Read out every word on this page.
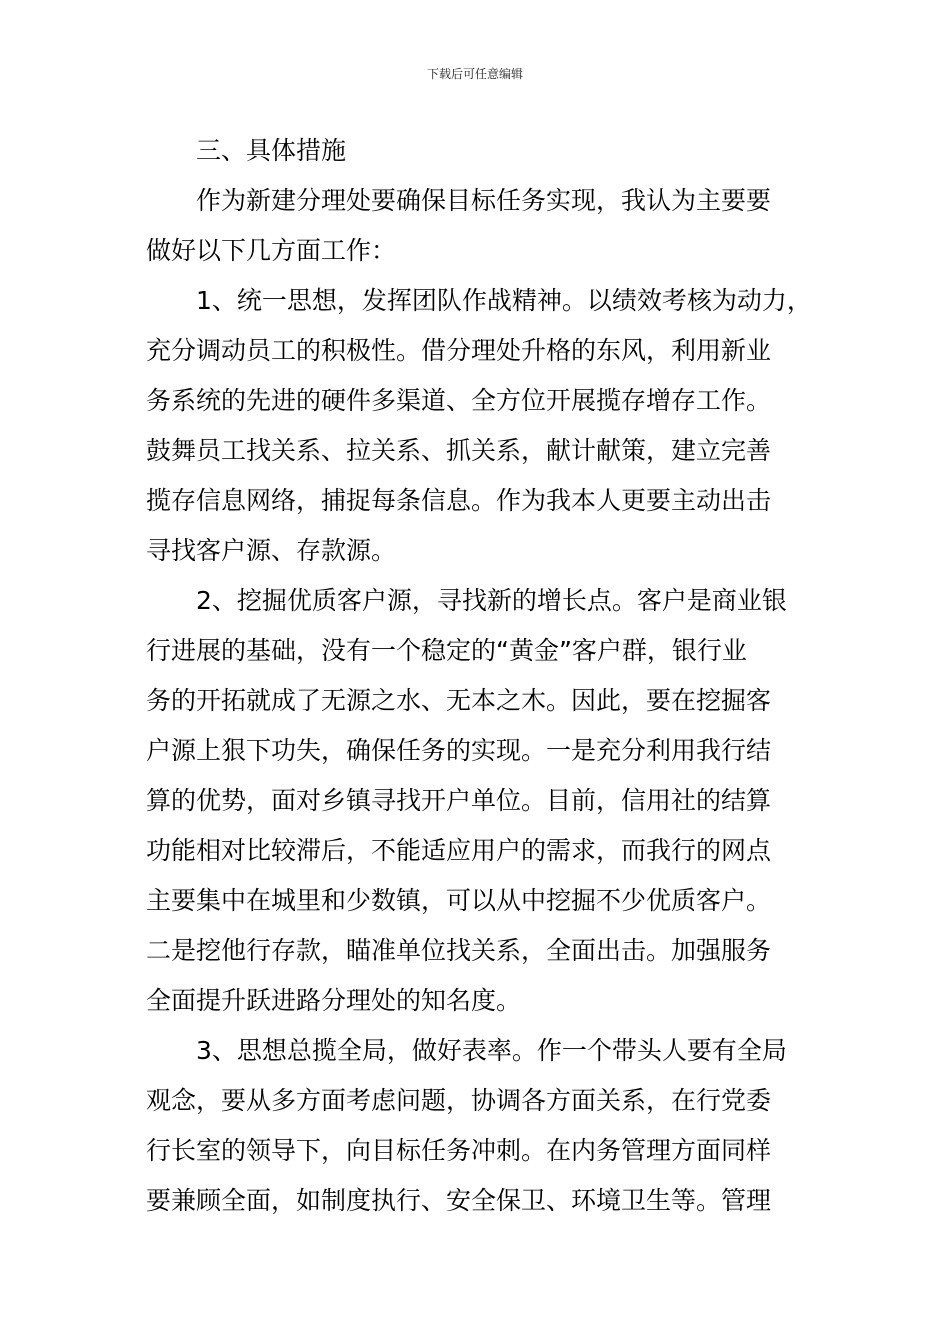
下载后可任意编辑

三、具体措施

作为新建分理处要确保目标任务实现，我认为主要要
做好以下几方面工作：

1、统一思想，发挥团队作战精神。以绩效考核为动力，
充分调动员工的积极性。借分理处升格的东风，利用新业
务系统的先进的硬件多渠道、全方位开展揽存增存工作。
鼓舞员工找关系、拉关系、抓关系，献计献策，建立完善
揽存信息网络，捕捉每条信息。作为我本人更要主动出击
寻找客户源、存款源。

2、挖掘优质客户源，寻找新的增长点。客户是商业银
行进展的基础，没有一个稳定的“黄金”客户群，银行业
务的开拓就成了无源之水、无本之木。因此，要在挖掘客
户源上狠下功失，确保任务的实现。一是充分利用我行结
算的优势，面对乡镇寻找开户单位。目前，信用社的结算
功能相对比较滞后，不能适应用户的需求，而我行的网点
主要集中在城里和少数镇，可以从中挖掘不少优质客户。
二是挖他行存款，瞄准单位找关系，全面出击。加强服务
全面提升跃进路分理处的知名度。

3、思想总揽全局，做好表率。作一个带头人要有全局
观念，要从多方面考虑问题，协调各方面关系，在行党委
行长室的领导下，向目标任务冲刺。在内务管理方面同样
要兼顾全面，如制度执行、安全保卫、环境卫生等。管理
